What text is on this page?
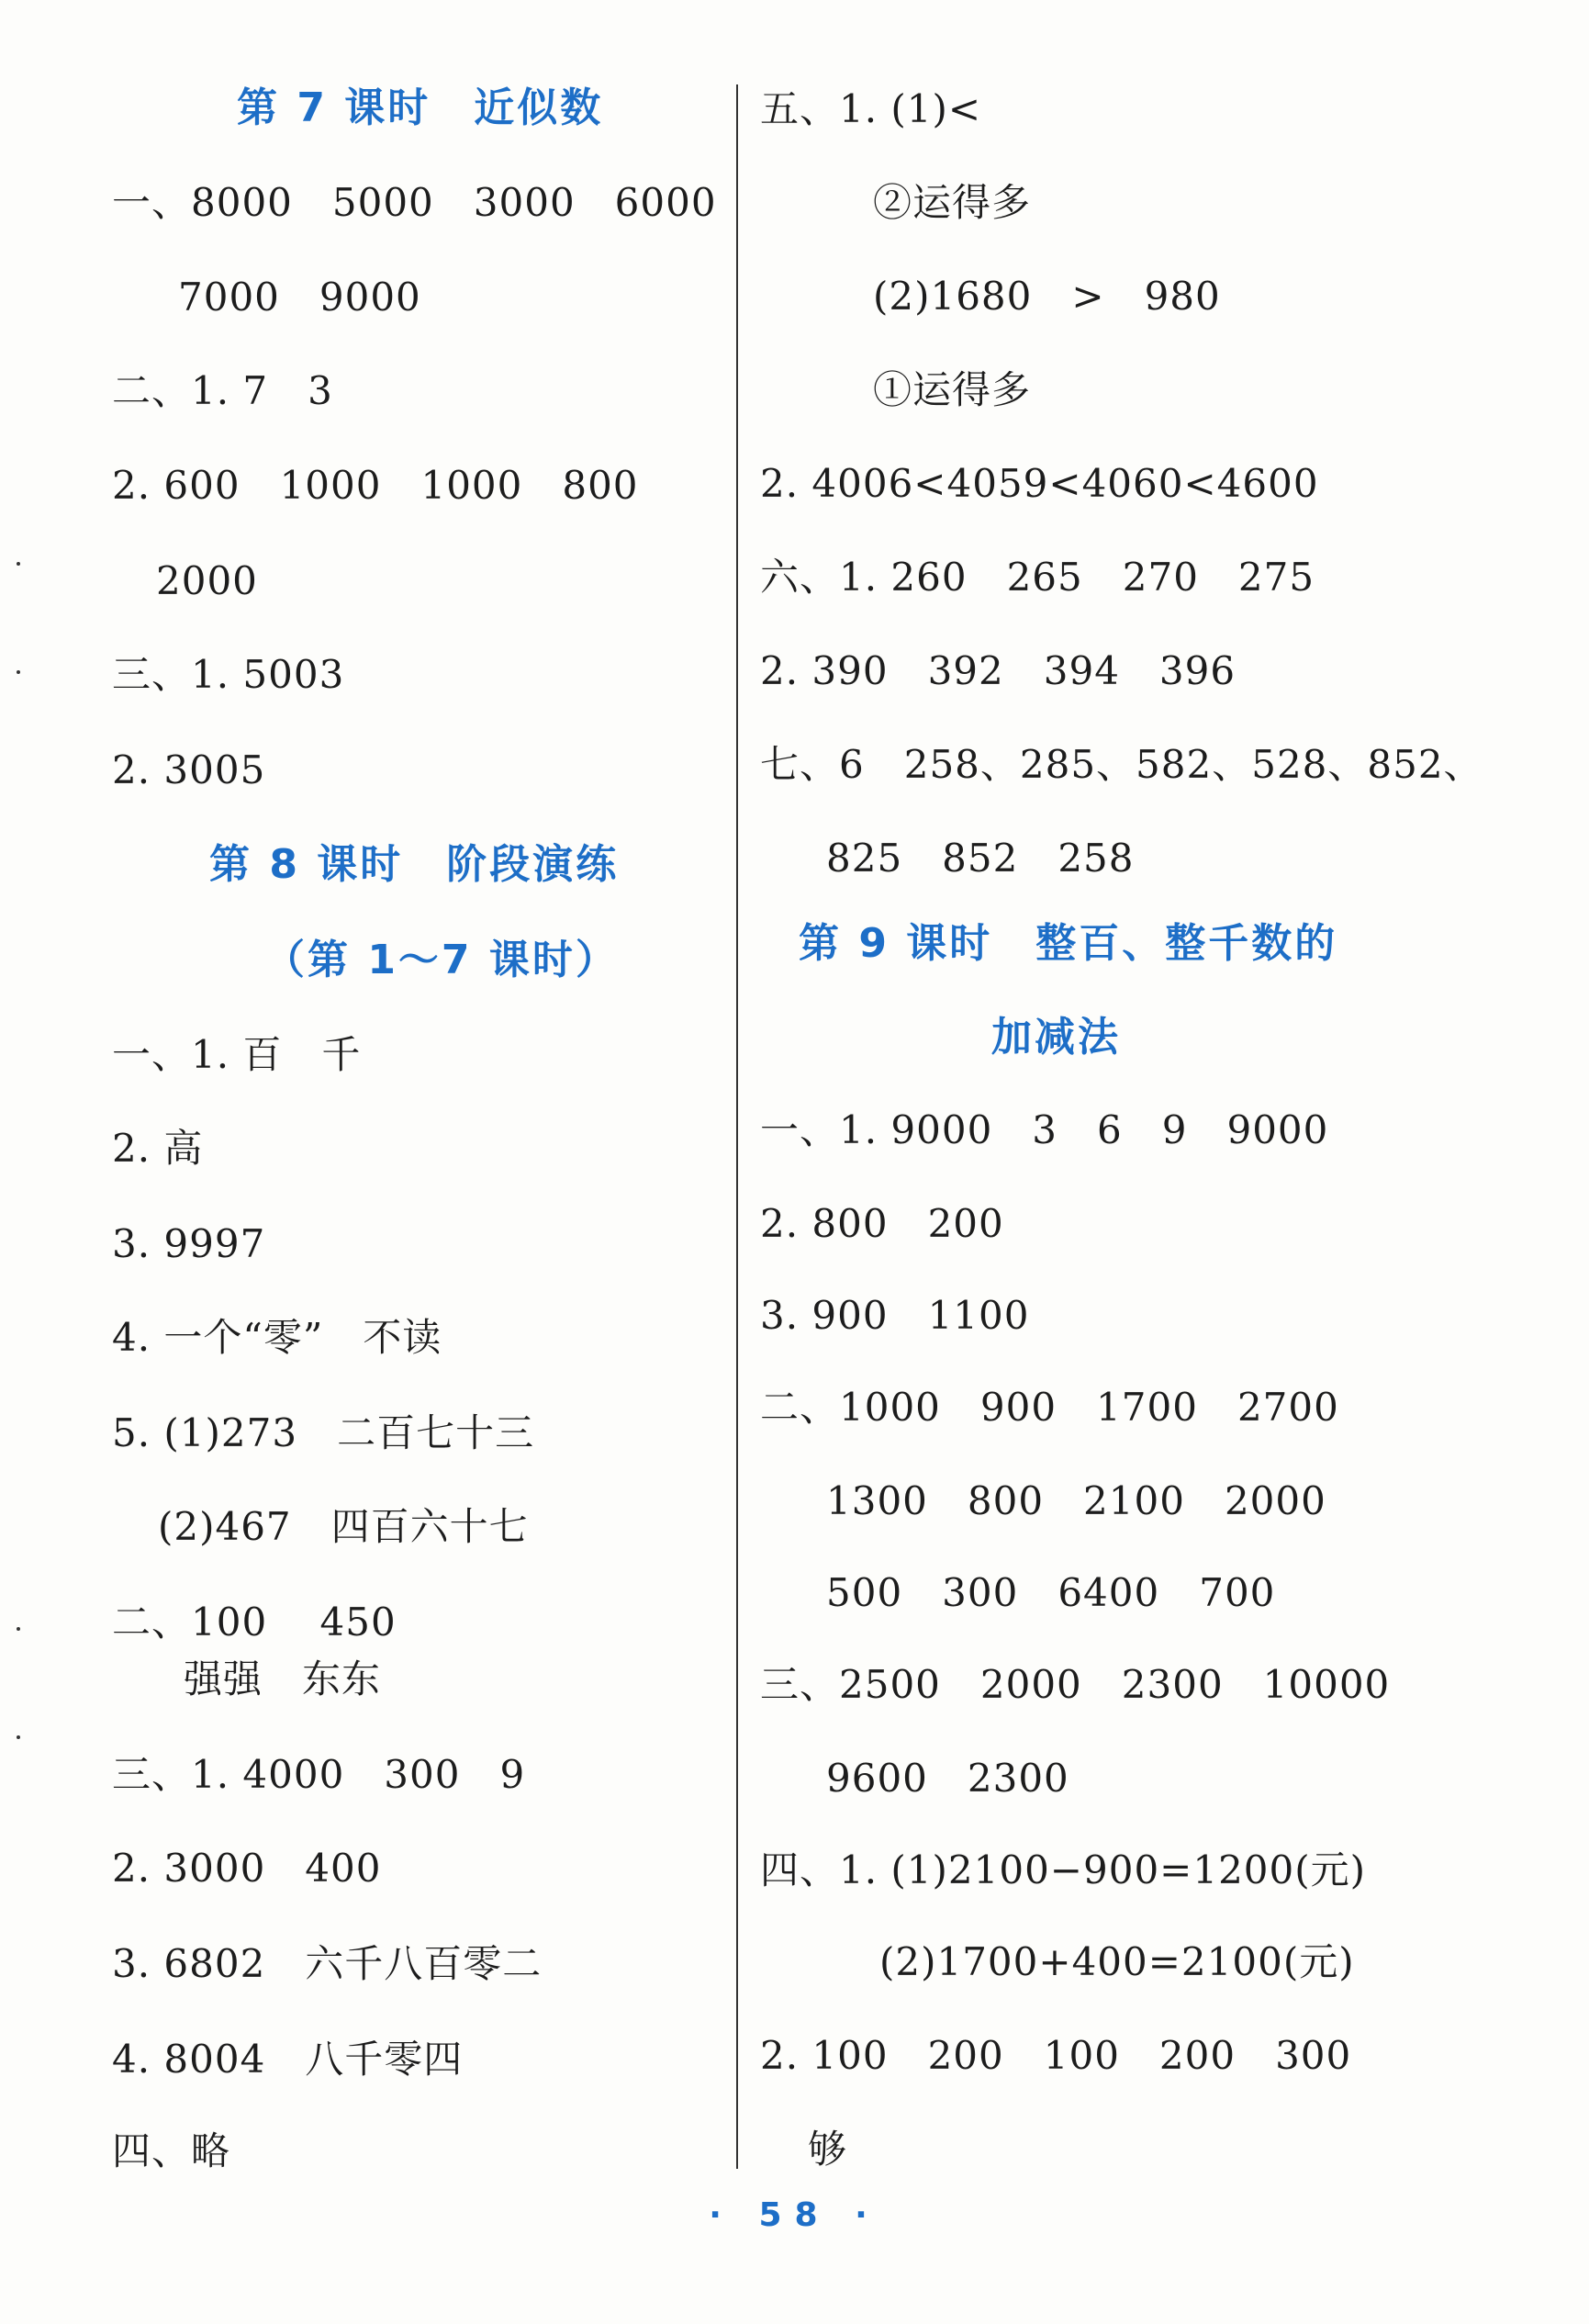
第 7 课时　近似数
一、8000　5000　3000　6000
7000　9000
二、1. 7　3
2. 600　1000　1000　800
2000
三、1. 5003
2. 3005
第 8 课时　阶段演练
（第 1～7 课时）
一、1. 百　千
2. 高
3. 9997
4. 一个“零”　不读
5. (1)273　二百七十三
(2)467　四百六十七
二、100　 450
强强　东东
三、1. 4000　300　9
2. 3000　400
3. 6802　六千八百零二
4. 8004　八千零四
四、略
五、1. (1)<
②运得多
(2)1680　>　980
①运得多
2. 4006<4059<4060<4600
六、1. 260　265　270　275
2. 390　392　394　396
七、6　258、285、582、528、852、
825　852　258
第 9 课时　整百、整千数的
加减法
一、1. 9000　3　6　9　9000
2. 800　200
3. 900　1100
二、1000　900　1700　2700
1300　800　2100　2000
500　300　6400　700
三、2500　2000　2300　10000
9600　2300
四、1. (1)2100−900=1200(元)
(2)1700+400=2100(元)
2. 100　200　100　200　300
够
· 58 ·
